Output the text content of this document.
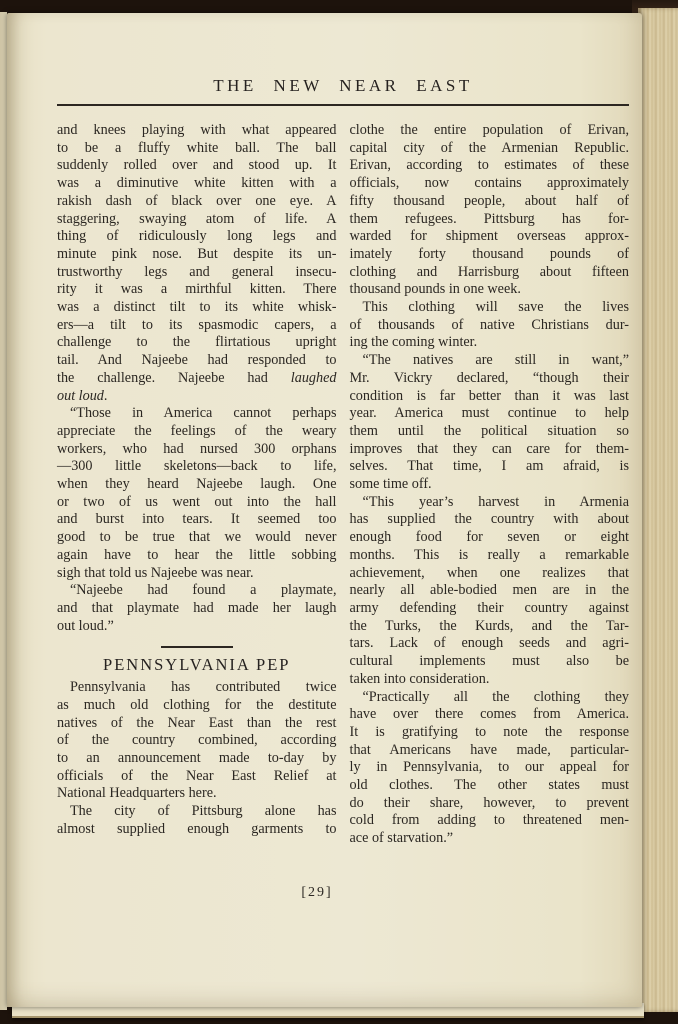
THE NEW NEAR EAST
and knees playing with what appeared
to be a fluffy white ball. The ball
suddenly rolled over and stood up. It
was a diminutive white kitten with a
rakish dash of black over one eye. A
staggering, swaying atom of life. A
thing of ridiculously long legs and
minute pink nose. But despite its un-
trustworthy legs and general insecu-
rity it was a mirthful kitten. There
was a distinct tilt to its white whisk-
ers—a tilt to its spasmodic capers, a
challenge to the flirtatious upright
tail. And Najeebe had responded to
the challenge. Najeebe had laughed
out loud.
“Those in America cannot perhaps
appreciate the feelings of the weary
workers, who had nursed 300 orphans
—300 little skeletons—back to life,
when they heard Najeebe laugh. One
or two of us went out into the hall
and burst into tears. It seemed too
good to be true that we would never
again have to hear the little sobbing
sigh that told us Najeebe was near.
“Najeebe had found a playmate,
and that playmate had made her laugh
out loud.”
PENNSYLVANIA PEP
Pennsylvania has contributed twice
as much old clothing for the destitute
natives of the Near East than the rest
of the country combined, according
to an announcement made to-day by
officials of the Near East Relief at
National Headquarters here.
The city of Pittsburg alone has
almost supplied enough garments to
clothe the entire population of Erivan,
capital city of the Armenian Republic.
Erivan, according to estimates of these
officials, now contains approximately
fifty thousand people, about half of
them refugees. Pittsburg has for-
warded for shipment overseas approx-
imately forty thousand pounds of
clothing and Harrisburg about fifteen
thousand pounds in one week.
This clothing will save the lives
of thousands of native Christians dur-
ing the coming winter.
“The natives are still in want,”
Mr. Vickry declared, “though their
condition is far better than it was last
year. America must continue to help
them until the political situation so
improves that they can care for them-
selves. That time, I am afraid, is
some time off.
“This year’s harvest in Armenia
has supplied the country with about
enough food for seven or eight
months. This is really a remarkable
achievement, when one realizes that
nearly all able-bodied men are in the
army defending their country against
the Turks, the Kurds, and the Tar-
tars. Lack of enough seeds and agri-
cultural implements must also be
taken into consideration.
“Practically all the clothing they
have over there comes from America.
It is gratifying to note the response
that Americans have made, particular-
ly in Pennsylvania, to our appeal for
old clothes. The other states must
do their share, however, to prevent
cold from adding to threatened men-
ace of starvation.”
[29]
